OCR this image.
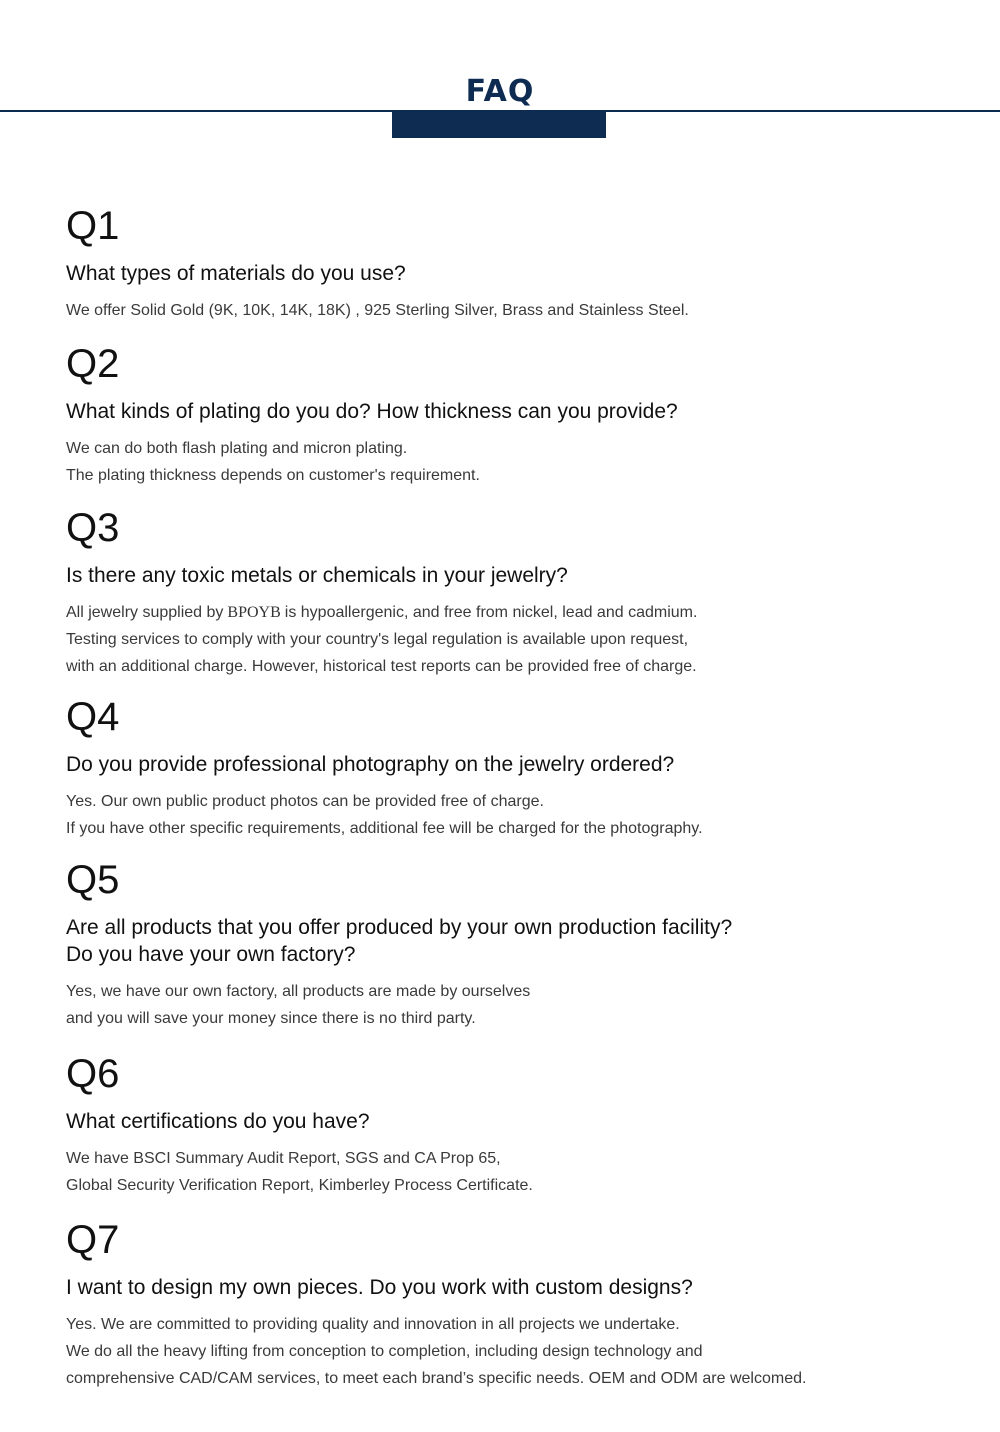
FAQ
Q1
What types of materials do you use?
We offer Solid Gold (9K, 10K, 14K, 18K) , 925 Sterling Silver, Brass and Stainless Steel.
Q2
What kinds of plating do you do? How thickness can you provide?
We can do both flash plating and micron plating.
The plating thickness depends on customer's requirement.
Q3
Is there any toxic metals or chemicals in your jewelry?
All jewelry supplied by BPOYB is hypoallergenic, and free from nickel, lead and cadmium.
Testing services to comply with your country's legal regulation is available upon request,
with an additional charge. However, historical test reports can be provided free of charge.
Q4
Do you provide professional photography on the jewelry ordered?
Yes. Our own public product photos can be provided free of charge.
If you have other specific requirements, additional fee will be charged for the photography.
Q5
Are all products that you offer produced by your own production facility?
Do you have your own factory?
Yes, we have our own factory, all products are made by ourselves
and you will save your money since there is no third party.
Q6
What certifications do you have?
We have BSCI Summary Audit Report, SGS and CA Prop 65,
Global Security Verification Report, Kimberley Process Certificate.
Q7
I want to design my own pieces. Do you work with custom designs?
Yes. We are committed to providing quality and innovation in all projects we undertake.
We do all the heavy lifting from conception to completion, including design technology and
comprehensive CAD/CAM services, to meet each brand’s specific needs. OEM and ODM are welcomed.
